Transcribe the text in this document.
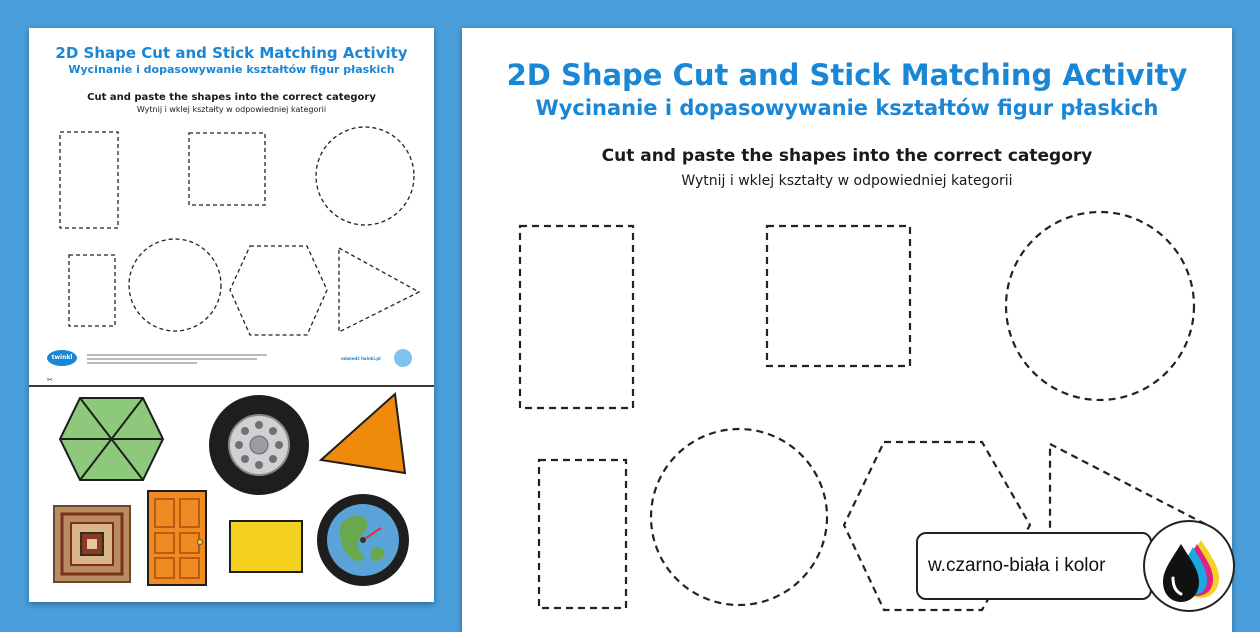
2D Shape Cut and Stick Matching Activity
Wycinanie i dopasowywanie kształtów figur płaskich
Cut and paste the shapes into the correct category
Wytnij i wklej kształty w odpowiedniej kategorii
twinkl	odwiedź twinkl.pl
✂
2D Shape Cut and Stick Matching Activity
Wycinanie i dopasowywanie kształtów figur płaskich
Cut and paste the shapes into the correct category
Wytnij i wklej kształty w odpowiedniej kategorii
w.czarno-biała i kolor
